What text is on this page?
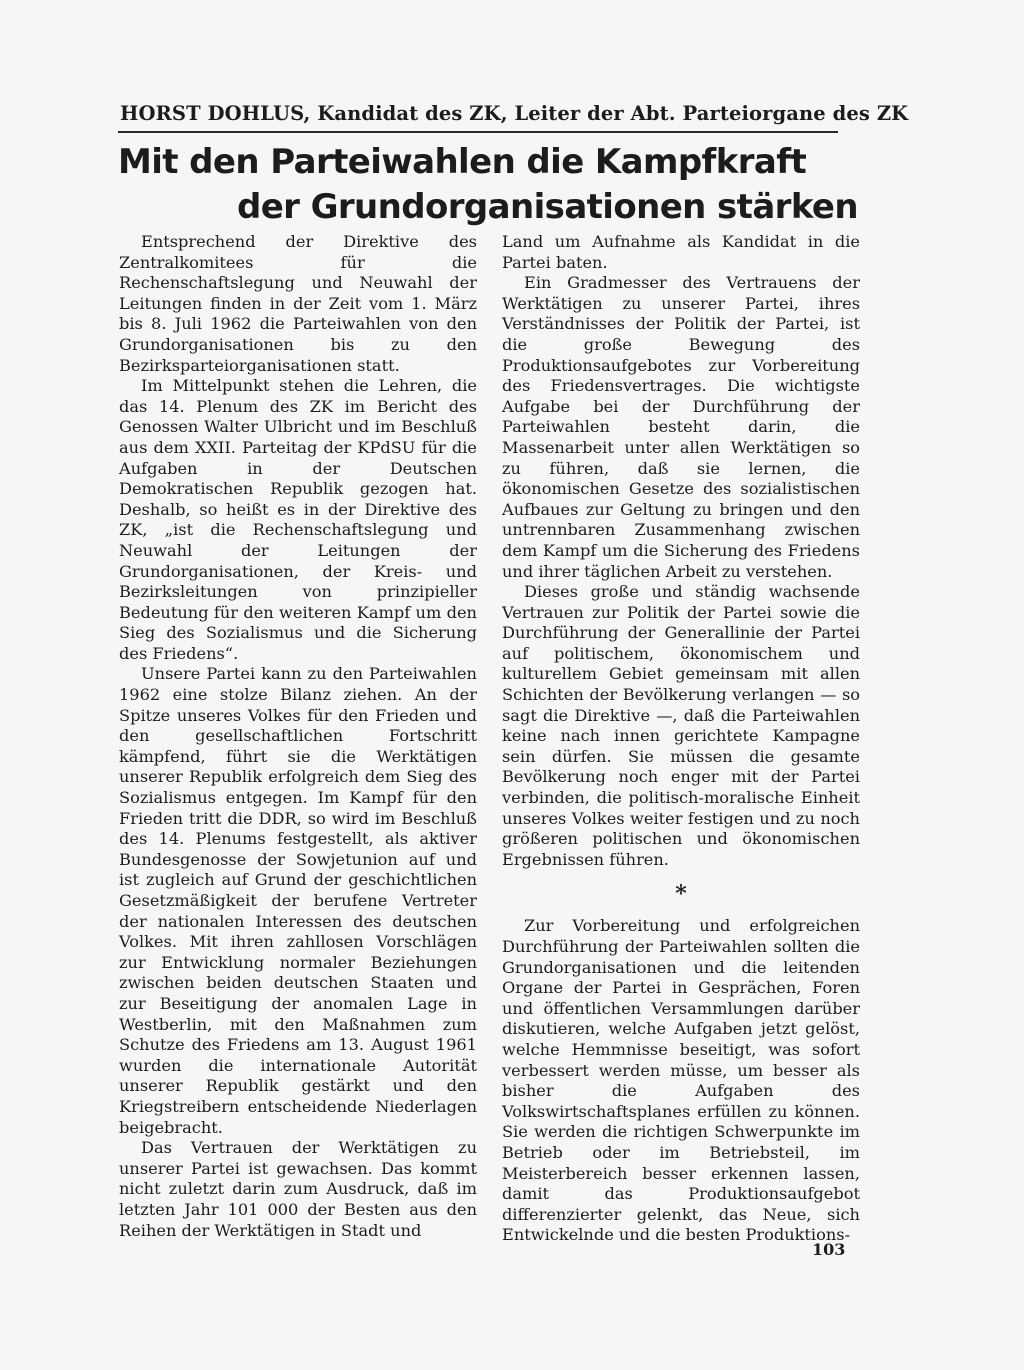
HORST DOHLUS, Kandidat des ZK, Leiter der Abt. Parteiorgane des ZK
Mit den Parteiwahlen die Kampfkraft
der Grundorganisationen stärken

Entsprechend der Direktive des Zentralkomitees für die Rechenschaftslegung und Neuwahl der Leitungen finden in der Zeit vom 1. März bis 8. Juli 1962 die Parteiwahlen von den Grundorganisationen bis zu den Bezirksparteiorganisationen statt.

Im Mittelpunkt stehen die Lehren, die das 14. Plenum des ZK im Bericht des Genossen Walter Ulbricht und im Beschluß aus dem XXII. Parteitag der KPdSU für die Aufgaben in der Deutschen Demokratischen Republik gezogen hat. Deshalb, so heißt es in der Direktive des ZK, „ist die Rechenschaftslegung und Neuwahl der Leitungen der Grundorganisationen, der Kreis- und Bezirksleitungen von prinzipieller Bedeutung für den weiteren Kampf um den Sieg des Sozialismus und die Sicherung des Friedens“.

Unsere Partei kann zu den Parteiwahlen 1962 eine stolze Bilanz ziehen. An der Spitze unseres Volkes für den Frieden und den gesellschaftlichen Fortschritt kämpfend, führt sie die Werktätigen unserer Republik erfolgreich dem Sieg des Sozialismus entgegen. Im Kampf für den Frieden tritt die DDR, so wird im Beschluß des 14. Plenums festgestellt, als aktiver Bundesgenosse der Sowjetunion auf und ist zugleich auf Grund der geschichtlichen Gesetzmäßigkeit der berufene Vertreter der nationalen Interessen des deutschen Volkes. Mit ihren zahllosen Vorschlägen zur Entwicklung normaler Beziehungen zwischen beiden deutschen Staaten und zur Beseitigung der anomalen Lage in Westberlin, mit den Maßnahmen zum Schutze des Friedens am 13. August 1961 wurden die internationale Autorität unserer Republik gestärkt und den Kriegstreibern entscheidende Niederlagen beigebracht.

Das Vertrauen der Werktätigen zu unserer Partei ist gewachsen. Das kommt nicht zuletzt darin zum Ausdruck, daß im letzten Jahr 101 000 der Besten aus den Reihen der Werktätigen in Stadt und

Land um Aufnahme als Kandidat in die Partei baten.

Ein Gradmesser des Vertrauens der Werktätigen zu unserer Partei, ihres Verständnisses der Politik der Partei, ist die große Bewegung des Produktionsaufgebotes zur Vorbereitung des Friedensvertrages. Die wichtigste Aufgabe bei der Durchführung der Parteiwahlen besteht darin, die Massenarbeit unter allen Werktätigen so zu führen, daß sie lernen, die ökonomischen Gesetze des sozialistischen Aufbaues zur Geltung zu bringen und den untrennbaren Zusammenhang zwischen dem Kampf um die Sicherung des Friedens und ihrer täglichen Arbeit zu verstehen.

Dieses große und ständig wachsende Vertrauen zur Politik der Partei sowie die Durchführung der Generallinie der Partei auf politischem, ökonomischem und kulturellem Gebiet gemeinsam mit allen Schichten der Bevölkerung verlangen — so sagt die Direktive —, daß die Parteiwahlen keine nach innen gerichtete Kampagne sein dürfen. Sie müssen die gesamte Bevölkerung noch enger mit der Partei verbinden, die politisch-moralische Einheit unseres Volkes weiter festigen und zu noch größeren politischen und ökonomischen Ergebnissen führen.

*

Zur Vorbereitung und erfolgreichen Durchführung der Parteiwahlen sollten die Grundorganisationen und die leitenden Organe der Partei in Gesprächen, Foren und öffentlichen Versammlungen darüber diskutieren, welche Aufgaben jetzt gelöst, welche Hemmnisse beseitigt, was sofort verbessert werden müsse, um besser als bisher die Aufgaben des Volkswirtschaftsplanes erfüllen zu können. Sie werden die richtigen Schwerpunkte im Betrieb oder im Betriebsteil, im Meisterbereich besser erkennen lassen, damit das Produktionsaufgebot differenzierter gelenkt, das Neue, sich Entwickelnde und die besten Produktions-

103
